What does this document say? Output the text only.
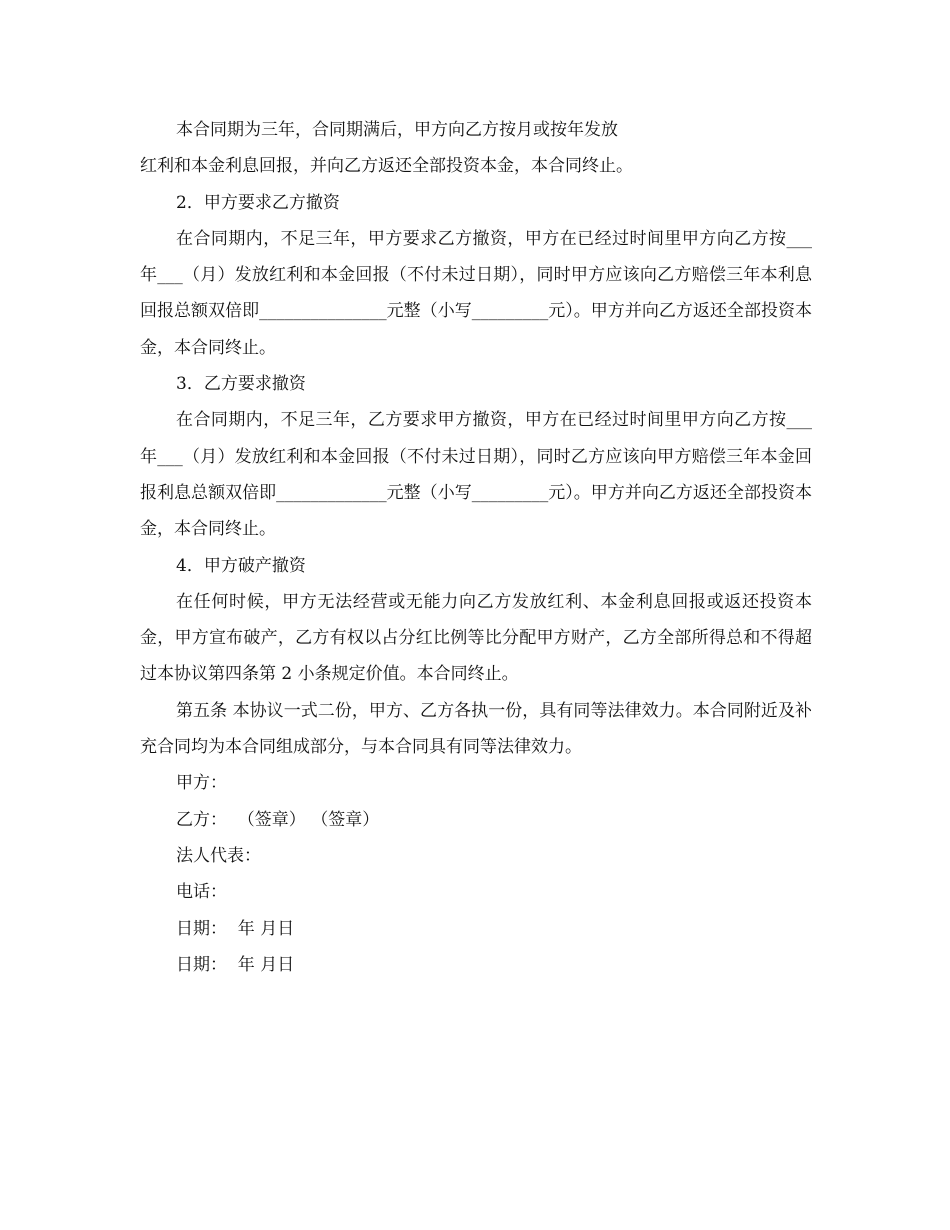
本合同期为三年，合同期满后，甲方向乙方按月或按年发放

红利和本金利息回报，并向乙方返还全部投资本金，本合同终止。

2．甲方要求乙方撤资

在合同期内，不足三年，甲方要求乙方撤资，甲方在已经过时间里甲方向乙方按___年___（月）发放红利和本金回报（不付未过日期），同时甲方应该向乙方赔偿三年本利息回报总额双倍即_______________元整（小写_________元）。甲方并向乙方返还全部投资本金，本合同终止。

3．乙方要求撤资

在合同期内，不足三年，乙方要求甲方撤资，甲方在已经过时间里甲方向乙方按___年___（月）发放红利和本金回报（不付未过日期），同时乙方应该向甲方赔偿三年本金回报利息总额双倍即_____________元整（小写_________元）。甲方并向乙方返还全部投资本金，本合同终止。

4．甲方破产撤资

在任何时候，甲方无法经营或无能力向乙方发放红利、本金利息回报或返还投资本金，甲方宣布破产，乙方有权以占分红比例等比分配甲方财产，乙方全部所得总和不得超过本协议第四条第 2 小条规定价值。本合同终止。

第五条 本协议一式二份，甲方、乙方各执一份，具有同等法律效力。本合同附近及补充合同均为本合同组成部分，与本合同具有同等法律效力。

甲方：

乙方：  （签章） （签章）

法人代表：

电话：

日期：  年 月日

日期：  年 月日
